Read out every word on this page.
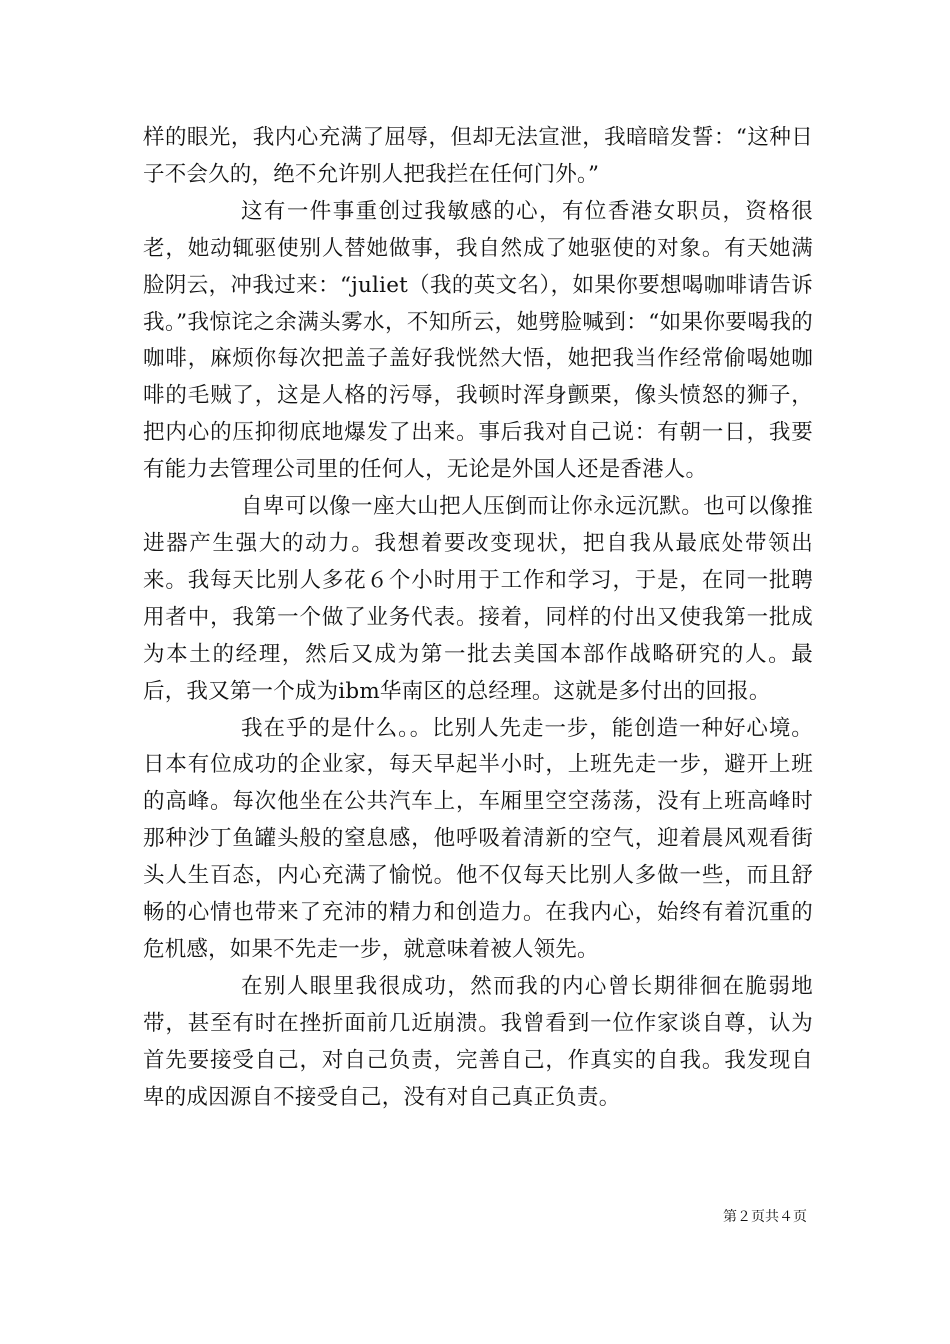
样的眼光，我内心充满了屈辱，但却无法宣泄，我暗暗发誓：“这种日子不会久的，绝不允许别人把我拦在任何门外。”

这有一件事重创过我敏感的心，有位香港女职员，资格很老，她动辄驱使别人替她做事，我自然成了她驱使的对象。有天她满脸阴云，冲我过来：“juliet（我的英文名），如果你要想喝咖啡请告诉我。”我惊诧之余满头雾水，不知所云，她劈脸喊到：“如果你要喝我的咖啡，麻烦你每次把盖子盖好我恍然大悟，她把我当作经常偷喝她咖啡的毛贼了，这是人格的污辱，我顿时浑身颤栗，像头愤怒的狮子，把内心的压抑彻底地爆发了出来。事后我对自己说：有朝一日，我要有能力去管理公司里的任何人，无论是外国人还是香港人。

自卑可以像一座大山把人压倒而让你永远沉默。也可以像推进器产生强大的动力。我想着要改变现状，把自我从最底处带领出来。我每天比别人多花６个小时用于工作和学习，于是，在同一批聘用者中，我第一个做了业务代表。接着，同样的付出又使我第一批成为本土的经理，然后又成为第一批去美国本部作战略研究的人。最后，我又第一个成为ibm华南区的总经理。这就是多付出的回报。

我在乎的是什么。。比别人先走一步，能创造一种好心境。日本有位成功的企业家，每天早起半小时，上班先走一步，避开上班的高峰。每次他坐在公共汽车上，车厢里空空荡荡，没有上班高峰时那种沙丁鱼罐头般的窒息感，他呼吸着清新的空气，迎着晨风观看街头人生百态，内心充满了愉悦。他不仅每天比别人多做一些，而且舒畅的心情也带来了充沛的精力和创造力。在我内心，始终有着沉重的危机感，如果不先走一步，就意味着被人领先。

在别人眼里我很成功，然而我的内心曾长期徘徊在脆弱地带，甚至有时在挫折面前几近崩溃。我曾看到一位作家谈自尊，认为首先要接受自己，对自己负责，完善自己，作真实的自我。我发现自卑的成因源自不接受自己，没有对自己真正负责。

第２页共４页
